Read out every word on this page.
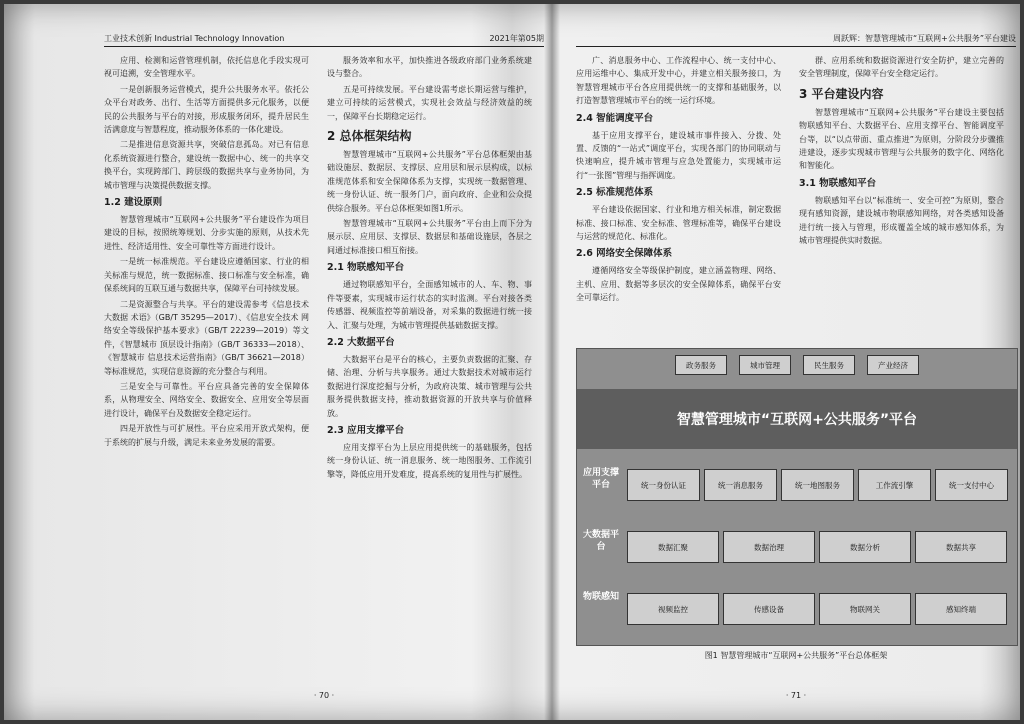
工业技术创新 Industrial Technology Innovation	2021年第05期

应用、检测和运营管理机制，依托信息化手段实现可视可追溯，安全管理水平。

一是创新服务运营模式，提升公共服务水平。依托公众平台对政务、出行、生活等方面提供多元化服务，以便民的公共服务与平台的对接，形成服务闭环，提升居民生活满意度与智慧程度，推动服务体系的一体化建设。

二是推进信息资源共享，突破信息孤岛。对已有信息化系统资源进行整合，建设统一数据中心、统一的共享交换平台，实现跨部门、跨层级的数据共享与业务协同，为城市管理与决策提供数据支撑。

1.2 建设原则

智慧管理城市“互联网+公共服务”平台建设作为项目建设的目标，按照统筹规划、分步实施的原则，从技术先进性、经济适用性、安全可靠性等方面进行设计。

一是统一标准规范。平台建设应遵循国家、行业的相关标准与规范，统一数据标准、接口标准与安全标准，确保系统间的互联互通与数据共享，保障平台可持续发展。

二是资源整合与共享。平台的建设需参考《信息技术 大数据 术语》（GB/T 35295—2017）、《信息安全技术 网络安全等级保护基本要求》（GB/T 22239—2019）等文件，《智慧城市 顶层设计指南》（GB/T 36333—2018）、《智慧城市 信息技术运营指南》（GB/T 36621—2018）等标准规范，实现信息资源的充分整合与利用。

三是安全与可靠性。平台应具备完善的安全保障体系，从物理安全、网络安全、数据安全、应用安全等层面进行设计，确保平台及数据安全稳定运行。

四是开放性与可扩展性。平台应采用开放式架构，便于系统的扩展与升级，满足未来业务发展的需要。

服务效率和水平，加快推进各级政府部门业务系统建设与整合。

五是可持续发展。平台建设需考虑长期运营与维护，建立可持续的运营模式，实现社会效益与经济效益的统一，保障平台长期稳定运行。

2 总体框架结构

智慧管理城市“互联网+公共服务”平台总体框架由基础设施层、数据层、支撑层、应用层和展示层构成，以标准规范体系和安全保障体系为支撑，实现统一数据管理、统一身份认证、统一服务门户，面向政府、企业和公众提供综合服务。平台总体框架如图1所示。

智慧管理城市“互联网+公共服务”平台由上而下分为展示层、应用层、支撑层、数据层和基础设施层，各层之间通过标准接口相互衔接。

2.1 物联感知平台

通过物联感知平台，全面感知城市的人、车、物、事件等要素，实现城市运行状态的实时监测。平台对接各类传感器、视频监控等前端设备，对采集的数据进行统一接入、汇聚与处理，为城市管理提供基础数据支撑。

2.2 大数据平台

大数据平台是平台的核心，主要负责数据的汇聚、存储、治理、分析与共享服务。通过大数据技术对城市运行数据进行深度挖掘与分析，为政府决策、城市管理与公共服务提供数据支持，推动数据资源的开放共享与价值释放。

2.3 应用支撑平台

应用支撑平台为上层应用提供统一的基础服务，包括统一身份认证、统一消息服务、统一地图服务、工作流引擎等，降低应用开发难度，提高系统的复用性与扩展性。

· 70 ·
周跃辉：智慧管理城市“互联网+公共服务”平台建设

广、消息服务中心、工作流程中心、统一支付中心、应用运维中心、集成开发中心，并建立相关服务接口，为智慧管理城市平台各应用提供统一的支撑和基础服务，以打造智慧管理城市平台的统一运行环境。

2.4 智能调度平台

基于应用支撑平台，建设城市事件接入、分拨、处置、反馈的“一站式”调度平台，实现各部门的协同联动与快速响应，提升城市管理与应急处置能力，实现城市运行“一张图”管理与指挥调度。

2.5 标准规范体系

平台建设依据国家、行业和地方相关标准，制定数据标准、接口标准、安全标准、管理标准等，确保平台建设与运营的规范化、标准化。

2.6 网络安全保障体系

遵循网络安全等级保护制度，建立涵盖物理、网络、主机、应用、数据等多层次的安全保障体系，确保平台安全可靠运行。

群、应用系统和数据资源进行安全防护，建立完善的安全管理制度，保障平台安全稳定运行。

3 平台建设内容

智慧管理城市“互联网+公共服务”平台建设主要包括物联感知平台、大数据平台、应用支撑平台、智能调度平台等，以“以点带面、重点推进”为原则，分阶段分步骤推进建设，逐步实现城市管理与公共服务的数字化、网络化和智能化。

3.1 物联感知平台

物联感知平台以“标准统一、安全可控”为原则，整合现有感知资源，建设城市物联感知网络，对各类感知设备进行统一接入与管理，形成覆盖全域的城市感知体系，为城市管理提供实时数据。

政务服务	城市管理	民生服务	产业经济
智慧管理城市“互联网+公共服务”平台
应用支撑平台	统一身份认证	统一消息服务	统一地图服务	工作流引擎	统一支付中心
大数据平台	数据汇聚	数据治理	数据分析	数据共享
物联感知
视频监控	传感设备	物联网关	感知终端
图1 智慧管理城市“互联网+公共服务”平台总体框架
· 71 ·
